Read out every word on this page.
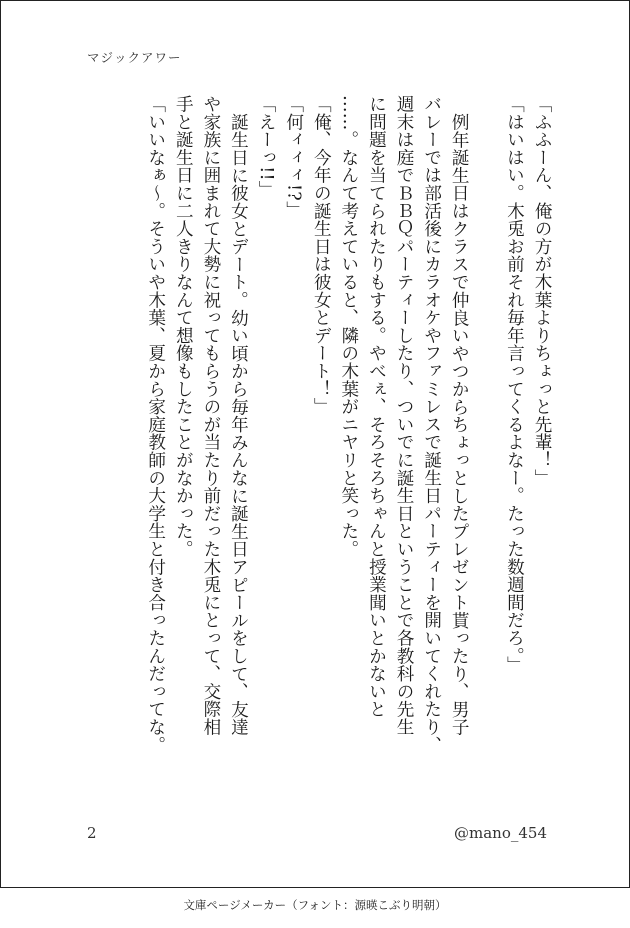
マジックアワー

「ふふーん、俺の方が木葉よりちょっと先輩！」

「はいはい。木兎お前それ毎年言ってくるよなー。たった数週間だろ。」

例年誕生日はクラスで仲良いやつからちょっとしたプレゼント貰ったり、男子

バレーでは部活後にカラオケやファミレスで誕生日パーティーを開いてくれたり、

週末は庭でＢＢＱパーティーしたり、ついでに誕生日ということで各教科の先生

に問題を当てられたりもする。やべぇ、そろそろちゃんと授業聞いとかないと

……。なんて考えていると、隣の木葉がニヤリと笑った。

「俺、今年の誕生日は彼女とデート！」

「何ィィィ!?」

「えーっ!!」

誕生日に彼女とデート。幼い頃から毎年みんなに誕生日アピールをして、友達

や家族に囲まれて大勢に祝ってもらうのが当たり前だった木兎にとって、交際相

手と誕生日に二人きりなんて想像もしたことがなかった。

「いいなぁ〜。そういや木葉、夏から家庭教師の大学生と付き合ったんだってな。

2	@mano_454
文庫ページメーカー（フォント：源暎こぶり明朝）
